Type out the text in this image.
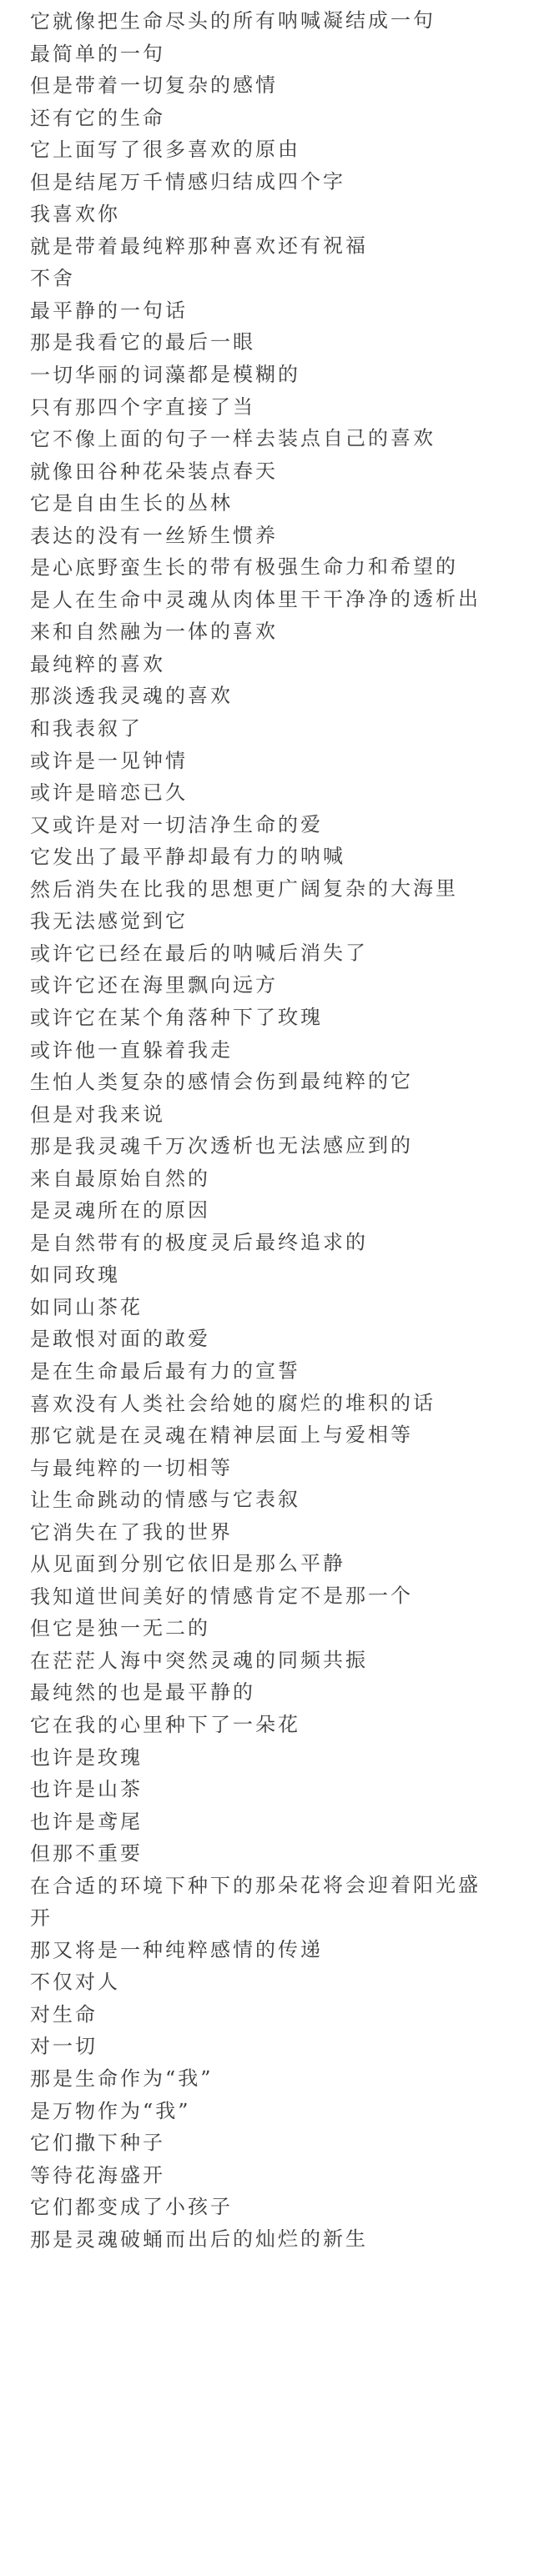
它就像把生命尽头的所有呐喊凝结成一句

最简单的一句

但是带着一切复杂的感情

还有它的生命

它上面写了很多喜欢的原由

但是结尾万千情感归结成四个字

我喜欢你

就是带着最纯粹那种喜欢还有祝福

不舍

最平静的一句话

那是我看它的最后一眼

一切华丽的词藻都是模糊的

只有那四个字直接了当

它不像上面的句子一样去装点自己的喜欢

就像田谷种花朵装点春天

它是自由生长的丛林

表达的没有一丝矫生惯养

是心底野蛮生长的带有极强生命力和希望的

是人在生命中灵魂从肉体里干干净净的透析出

来和自然融为一体的喜欢

最纯粹的喜欢

那淡透我灵魂的喜欢

和我表叙了

或许是一见钟情

或许是暗恋已久

又或许是对一切洁净生命的爱

它发出了最平静却最有力的呐喊

然后消失在比我的思想更广阔复杂的大海里

我无法感觉到它

或许它已经在最后的呐喊后消失了

或许它还在海里飘向远方

或许它在某个角落种下了玫瑰

或许他一直躲着我走

生怕人类复杂的感情会伤到最纯粹的它

但是对我来说

那是我灵魂千万次透析也无法感应到的

来自最原始自然的

是灵魂所在的原因

是自然带有的极度灵后最终追求的

如同玫瑰

如同山茶花

是敢恨对面的敢爱

是在生命最后最有力的宣誓

喜欢没有人类社会给她的腐烂的堆积的话

那它就是在灵魂在精神层面上与爱相等

与最纯粹的一切相等

让生命跳动的情感与它表叙

它消失在了我的世界

从见面到分别它依旧是那么平静

我知道世间美好的情感肯定不是那一个

但它是独一无二的

在茫茫人海中突然灵魂的同频共振

最纯然的也是最平静的

它在我的心里种下了一朵花

也许是玫瑰

也许是山茶

也许是鸢尾

但那不重要

在合适的环境下种下的那朵花将会迎着阳光盛

开

那又将是一种纯粹感情的传递

不仅对人

对生命

对一切

那是生命作为“我”

是万物作为“我”

它们撒下种子

等待花海盛开

它们都变成了小孩子

那是灵魂破蛹而出后的灿烂的新生
